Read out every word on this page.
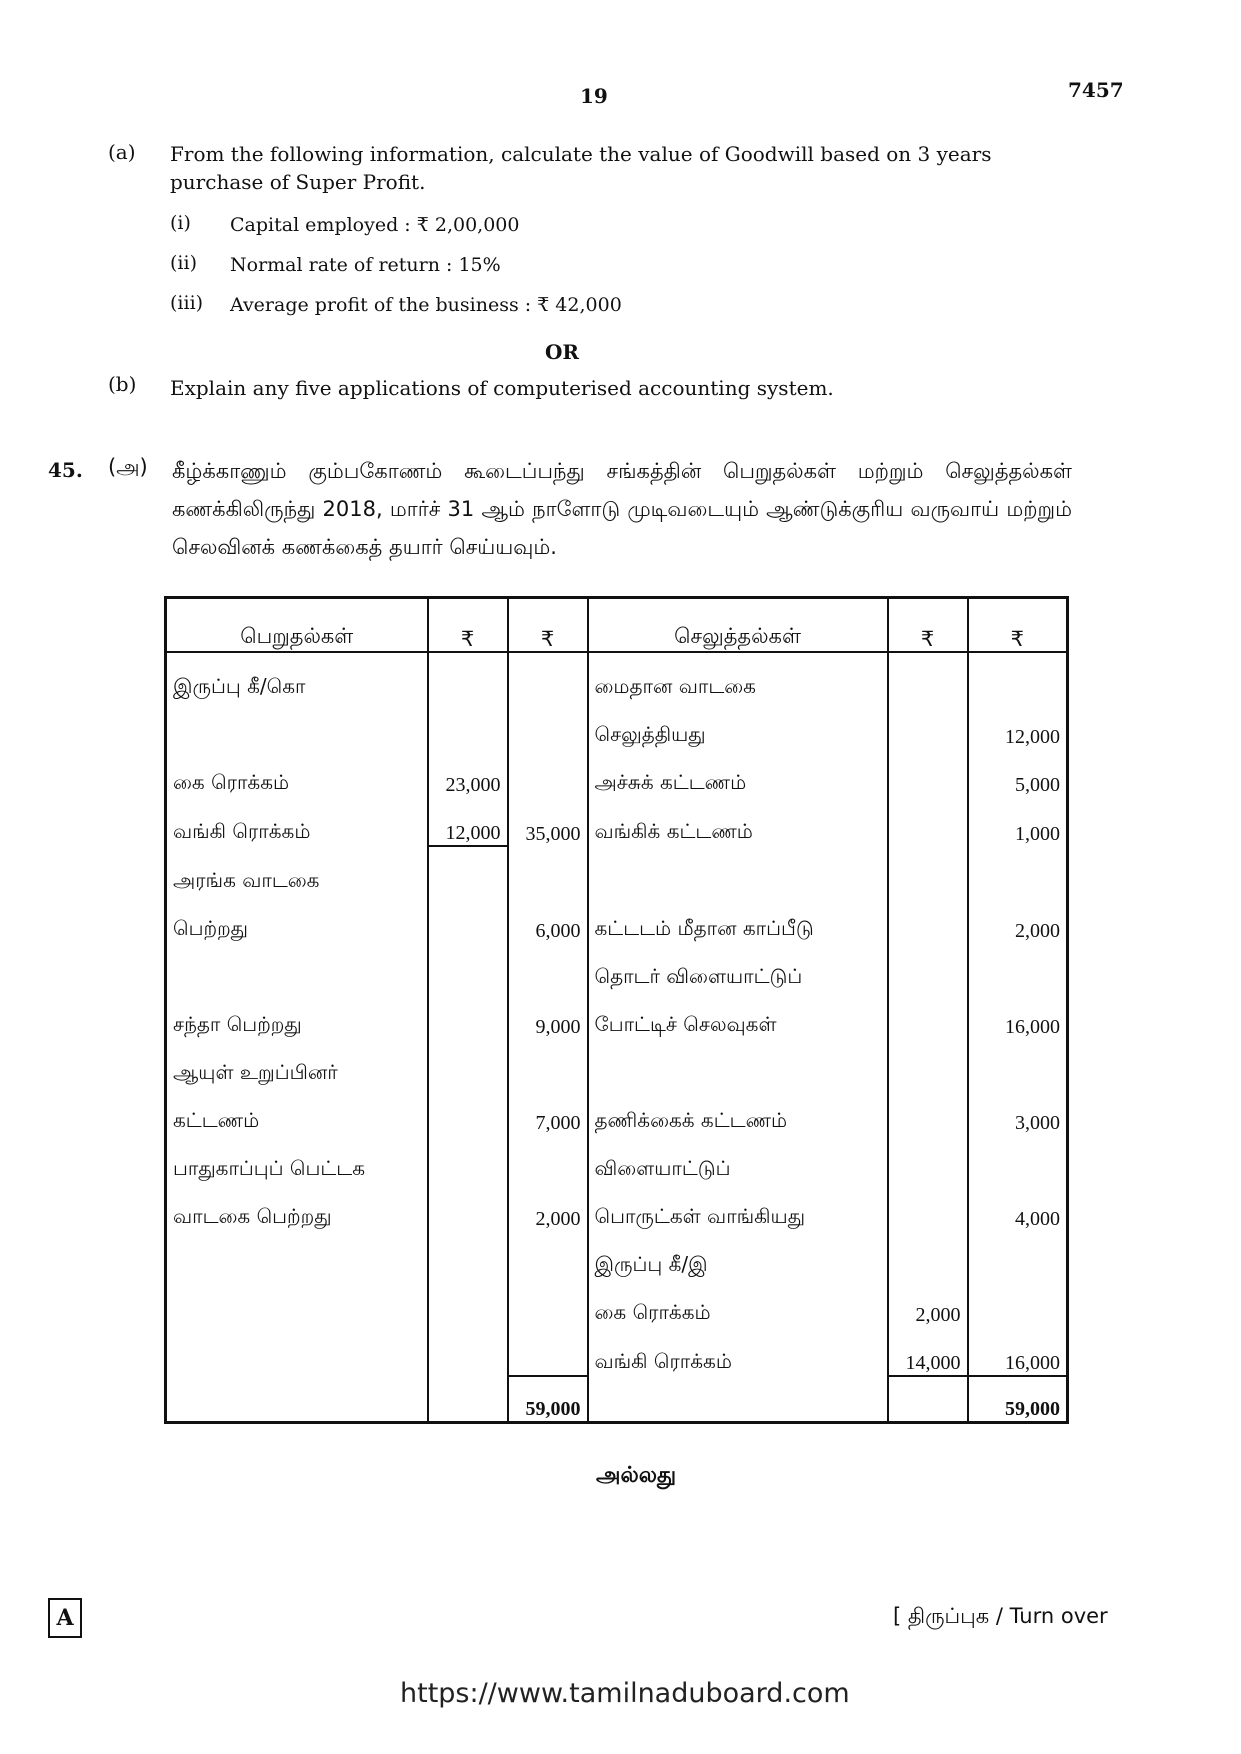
19	7457
(a) From the following information, calculate the value of Goodwill based on 3 years
purchase of Super Profit.
(i) Capital employed : ₹ 2,00,000
(ii) Normal rate of return : 15%
(iii) Average profit of the business : ₹ 42,000
OR
(b) Explain any five applications of computerised accounting system.
45. (அ) கீழ்க்காணும் கும்பகோணம் கூடைப்பந்து சங்கத்தின் பெறுதல்கள் மற்றும் செலுத்தல்கள் கணக்கிலிருந்து 2018, மார்ச் 31 ஆம் நாளோடு முடிவடையும் ஆண்டுக்குரிய வருவாய் மற்றும் செலவினக் கணக்கைத் தயார் செய்யவும்.
பெறுதல்கள்	₹	₹	செலுத்தல்கள்	₹	₹
இருப்பு கீ/கொ			மைதான வாடகை		
			செலுத்தியது		12,000
கை ரொக்கம்	23,000		அச்சுக் கட்டணம்		5,000
வங்கி ரொக்கம்	12,000	35,000	வங்கிக் கட்டணம்		1,000
அரங்க வாடகை					
பெற்றது		6,000	கட்டடம் மீதான காப்பீடு		2,000
			தொடர் விளையாட்டுப்		
சந்தா பெற்றது		9,000	போட்டிச் செலவுகள்		16,000
ஆயுள் உறுப்பினர்					
கட்டணம்		7,000	தணிக்கைக் கட்டணம்		3,000
பாதுகாப்புப் பெட்டக			விளையாட்டுப்		
வாடகை பெற்றது		2,000	பொருட்கள் வாங்கியது		4,000
			இருப்பு கீ/இ		
			கை ரொக்கம்	2,000	
			வங்கி ரொக்கம்	14,000	16,000
		59,000			59,000
அல்லது
A	[ திருப்புக / Turn over
https://www.tamilnaduboard.com
